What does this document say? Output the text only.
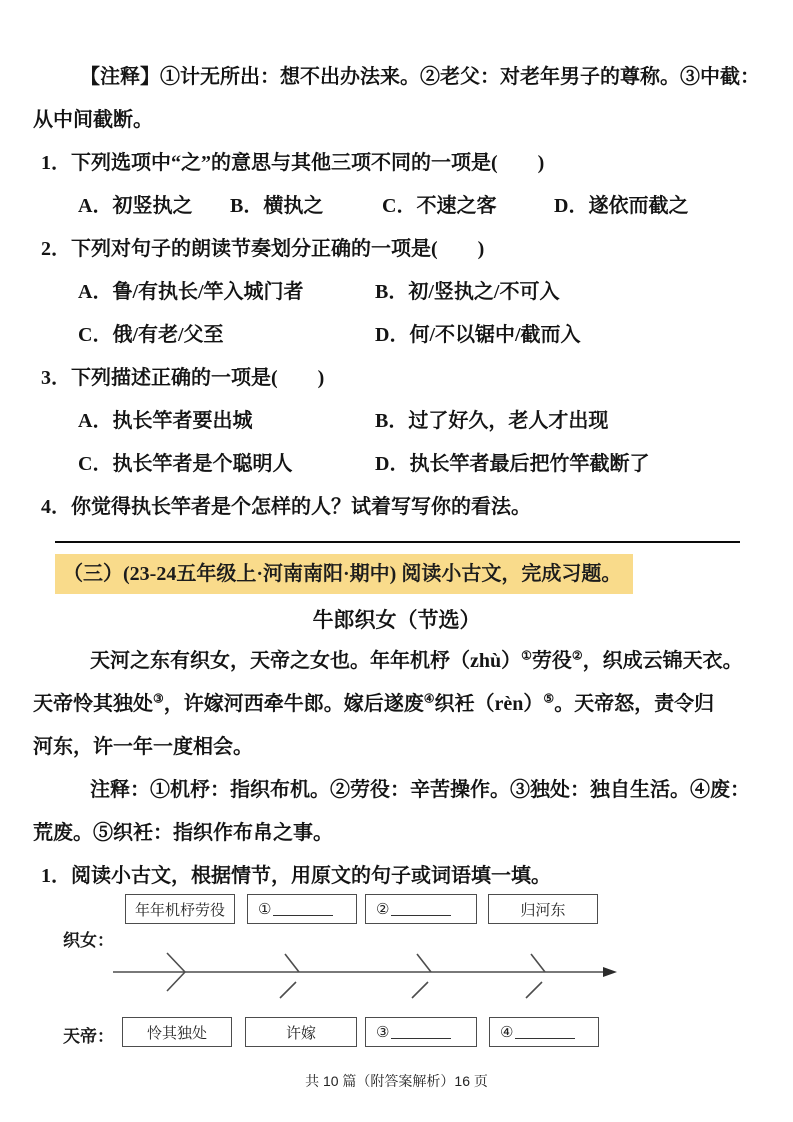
【注释】①计无所出：想不出办法来。②老父：对老年男子的尊称。③中截：

从中间截断。

1．下列选项中“之”的意思与其他三项不同的一项是(　　)

A．初竖执之 B．横执之	C．不速之客	D．遂依而截之

2．下列对句子的朗读节奏划分正确的一项是(　　)

A．鲁/有执长/竿入城门者	B．初/竖执之/不可入
C．俄/有老/父至	D．何/不以锯中/截而入

3．下列描述正确的一项是(　　)

A．执长竿者要出城	B．过了好久，老人才出现
C．执长竿者是个聪明人	D．执长竿者最后把竹竿截断了

4．你觉得执长竿者是个怎样的人？试着写写你的看法。

（三）(23-24五年级上·河南南阳·期中) 阅读小古文，完成习题。
牛郎织女（节选）

天河之东有织女，天帝之女也。年年机杼（zhù）①劳役②，织成云锦天衣。

天帝怜其独处③，许嫁河西牵牛郎。嫁后遂废④织衽（rèn）⑤。天帝怒，责令归

河东，许一年一度相会。

注释：①机杼：指织布机。②劳役：辛苦操作。③独处：独自生活。④废：

荒废。⑤织衽：指织作布帛之事。

1．阅读小古文，根据情节，用原文的句子或词语填一填。

织女：
天帝：
年年机杼劳役 ①	②	归河东
怜其独处	许嫁	③	④
共 10 篇（附答案解析）16 页
